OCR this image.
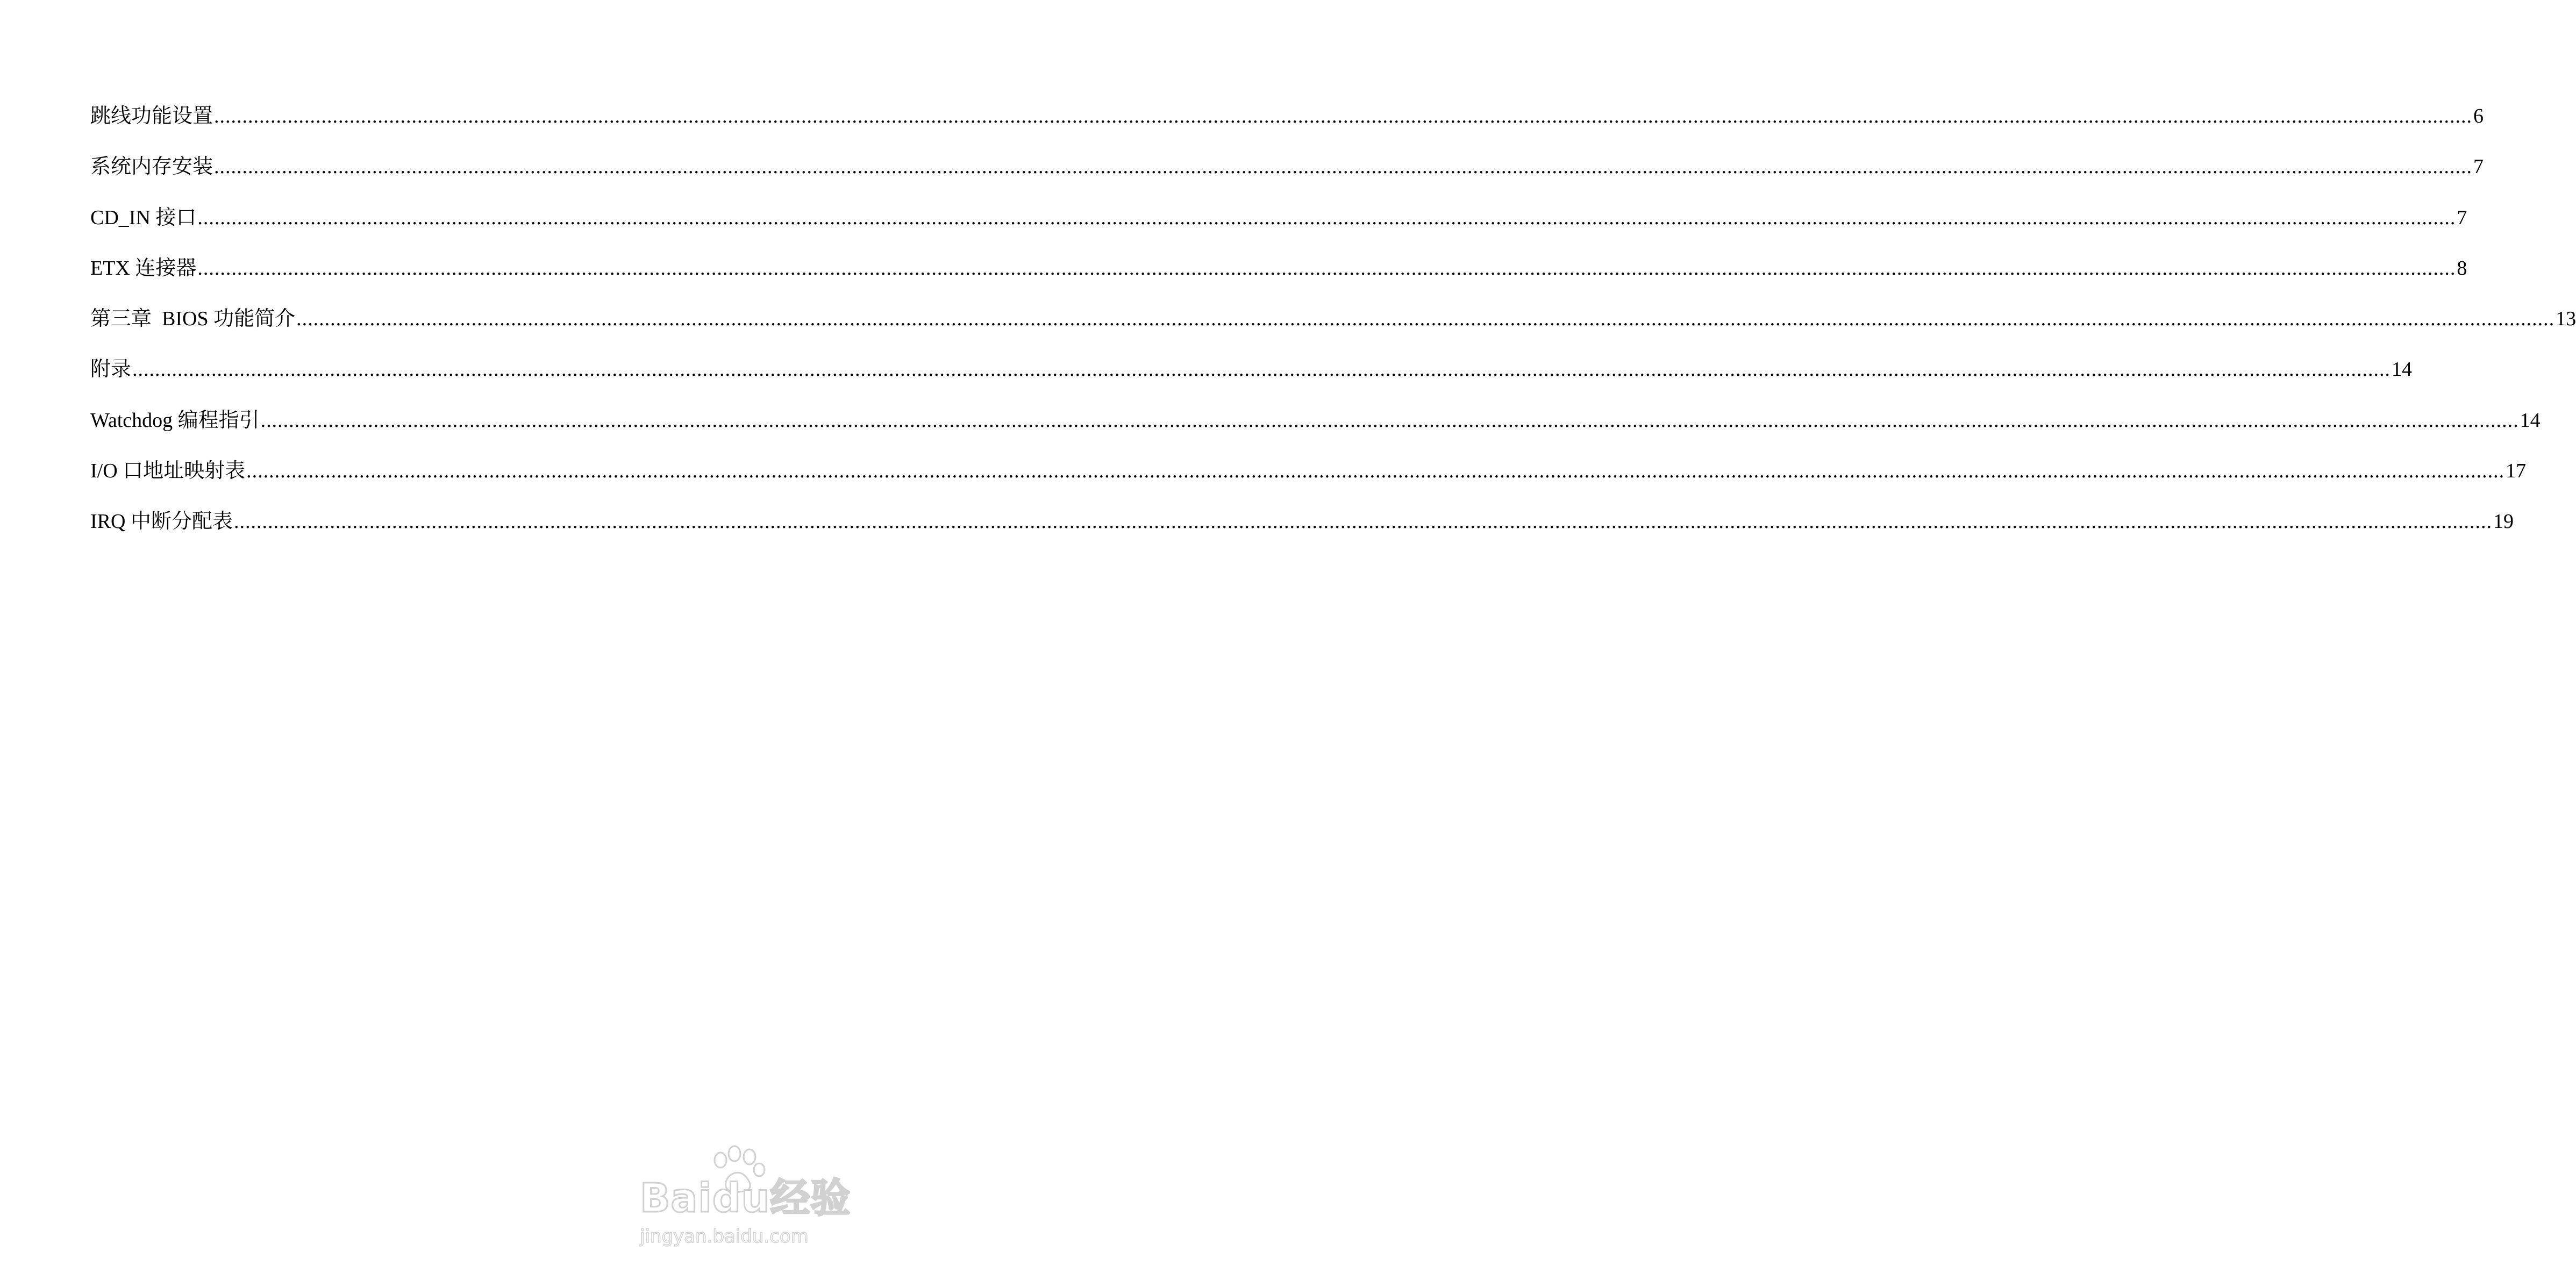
跳线功能设置 ................................................................................................................................................................................................................................................................................................................................................................................................................ 6
系统内存安装 ................................................................................................................................................................................................................................................................................................................................................................................................................ 7
CD_IN 接口 ................................................................................................................................................................................................................................................................................................................................................................................................................ 7
ETX 连接器 ................................................................................................................................................................................................................................................................................................................................................................................................................ 8
第三章  BIOS 功能简介 ................................................................................................................................................................................................................................................................................................................................................................................................................ 13
附录 ................................................................................................................................................................................................................................................................................................................................................................................................................ 14
Watchdog 编程指引 ................................................................................................................................................................................................................................................................................................................................................................................................................ 14
I/O 口地址映射表 ................................................................................................................................................................................................................................................................................................................................................................................................................ 17
IRQ 中断分配表 ................................................................................................................................................................................................................................................................................................................................................................................................................ 19
Baidu经验
jingyan.baidu.com
